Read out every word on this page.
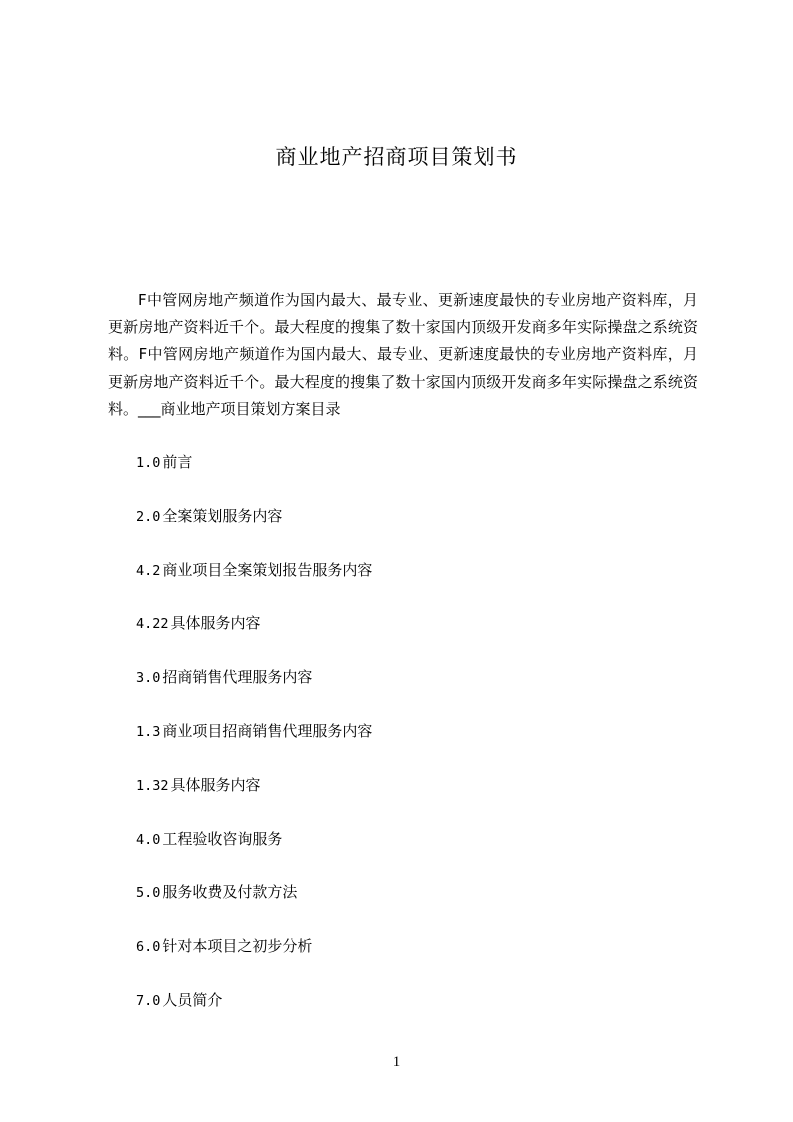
商业地产招商项目策划书

F中管网房地产频道作为国内最大、最专业、更新速度最快的专业房地产资料库，月更新房地产资料近千个。最大程度的搜集了数十家国内顶级开发商多年实际操盘之系统资料。F中管网房地产频道作为国内最大、最专业、更新速度最快的专业房地产资料库，月更新房地产资料近千个。最大程度的搜集了数十家国内顶级开发商多年实际操盘之系统资料。___商业地产项目策划方案目录

1.0 前言
2.0 全案策划服务内容
4.2 商业项目全案策划报告服务内容
4.22 具体服务内容
3.0 招商销售代理服务内容
1.3 商业项目招商销售代理服务内容
1.32 具体服务内容
4.0 工程验收咨询服务
5.0 服务收费及付款方法
6.0 针对本项目之初步分析
7.0 人员简介
1
